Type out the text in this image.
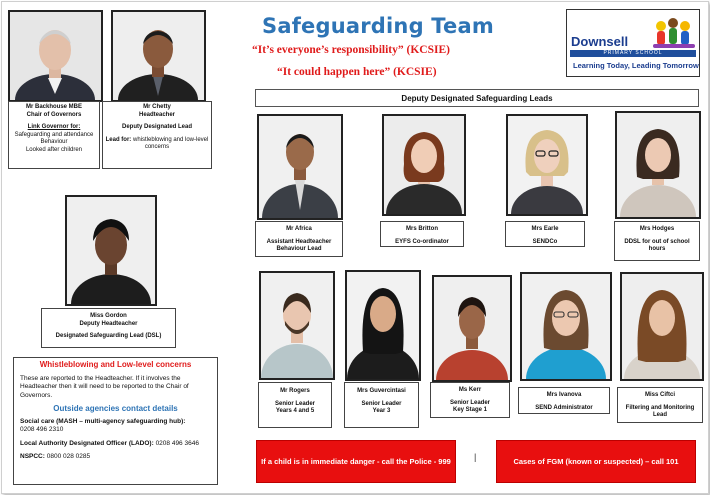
Safeguarding Team
“It’s everyone’s responsibility” (KCSIE)
“It could happen here” (KCSIE)
Downsell
PRIMARY SCHOOL
Learning Today, Leading Tomorrow
Mr Backhouse MBE
Chair of Governors
Link Governor for:
Safeguarding and attendance
Behaviour
Looked after children
Mr Chetty
Headteacher
Deputy Designated Lead
Lead for: whistleblowing and low-level concerns
Miss Gordon
Deputy Headteacher
Designated Safeguarding Lead (DSL)
Deputy Designated Safeguarding Leads
Mr Africa
Assistant Headteacher
Behaviour Lead
Mrs Britton
EYFS Co-ordinator
Mrs Earle
SENDCo
Mrs Hodges
DDSL for out of school hours
Mr Rogers
Senior Leader
Years 4 and 5
Mrs Guvercintasi
Senior Leader
Year 3
Ms Kerr
Senior Leader
Key Stage 1
Mrs Ivanova
SEND Administrator
Miss Ciftci
Filtering and Monitoring Lead
Whistleblowing and Low-level concerns

These are reported to the Headteacher. If it involves the Headteacher then it will need to be reported to the Chair of Governors.

Outside agencies contact details

Social care (MASH – multi-agency safeguarding hub):
0208 496 2310

Local Authority Designated Officer (LADO): 0208 496 3646

NSPCC: 0800 028 0285

If a child is in immediate danger - call the Police - 999	|	Cases of FGM (known or suspected) – call 101
